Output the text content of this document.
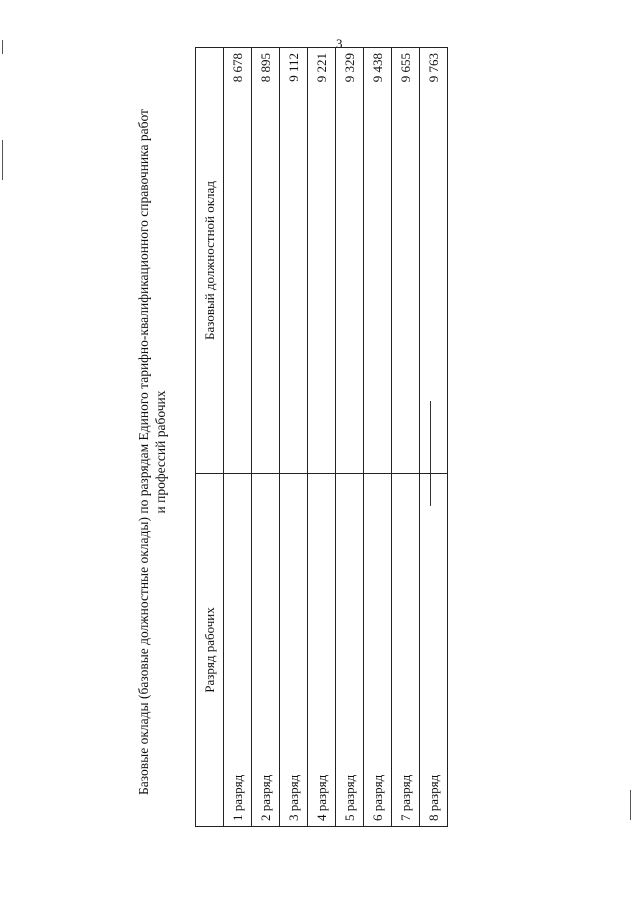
3
Базовые оклады (базовые должностные оклады) по разрядам Единого тарифно-квалификационного справочника работ и профессий рабочих
Разряд рабочих	Базовый должностной оклад
1 разряд	8 678
2 разряд	8 895
3 разряд	9 112
4 разряд	9 221
5 разряд	9 329
6 разряд	9 438
7 разряд	9 655
8 разряд	9 763
